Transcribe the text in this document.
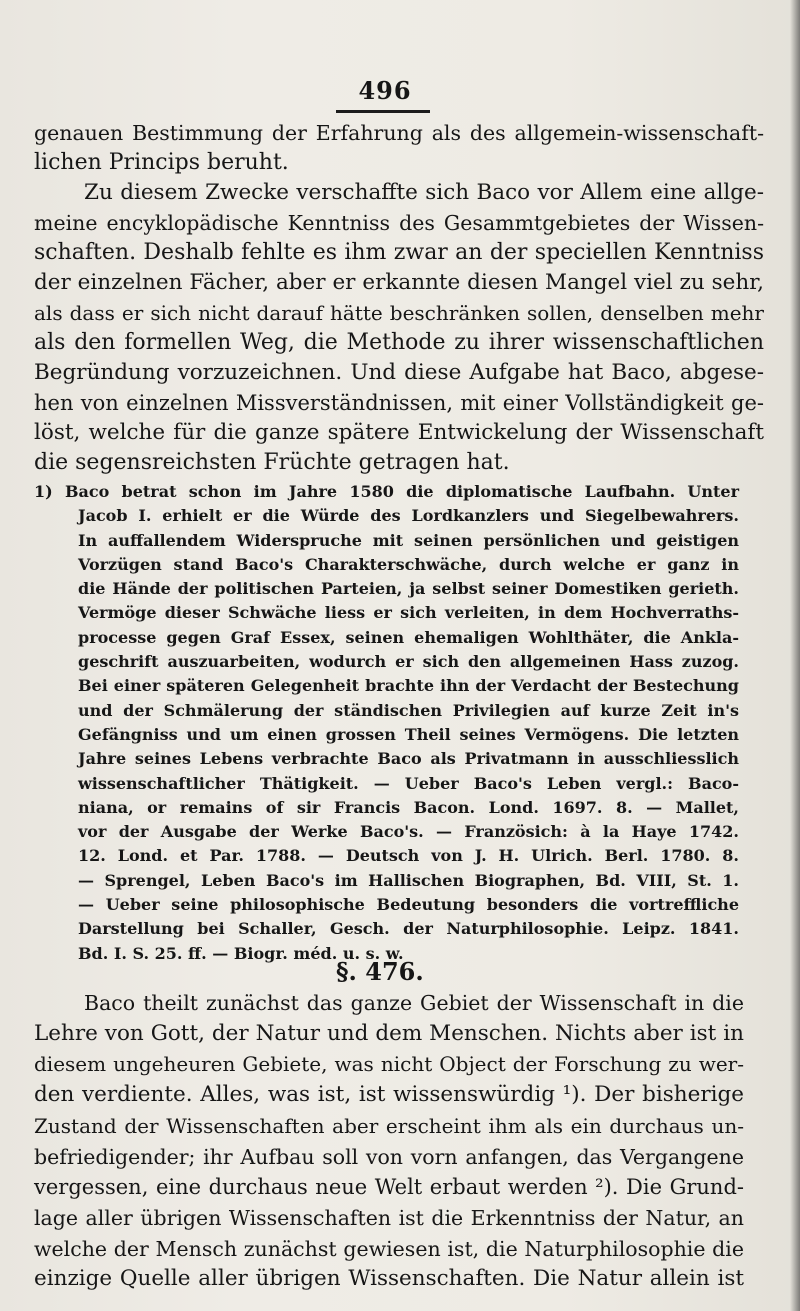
496
genauen Bestimmung der Erfahrung als des allgemein-wissenschaft-
lichen Princips beruht.
Zu diesem Zwecke verschaffte sich Baco vor Allem eine allge-
meine encyklopädische Kenntniss des Gesammtgebietes der Wissen-
schaften. Deshalb fehlte es ihm zwar an der speciellen Kenntniss
der einzelnen Fächer, aber er erkannte diesen Mangel viel zu sehr,
als dass er sich nicht darauf hätte beschränken sollen, denselben mehr
als den formellen Weg, die Methode zu ihrer wissenschaftlichen
Begründung vorzuzeichnen. Und diese Aufgabe hat Baco, abgese-
hen von einzelnen Missverständnissen, mit einer Vollständigkeit ge-
löst, welche für die ganze spätere Entwickelung der Wissenschaft
die segensreichsten Früchte getragen hat.
1) Baco betrat schon im Jahre 1580 die diplomatische Laufbahn. Unter
Jacob I. erhielt er die Würde des Lordkanzlers und Siegelbewahrers.
In auffallendem Widerspruche mit seinen persönlichen und geistigen
Vorzügen stand Baco's Charakterschwäche, durch welche er ganz in
die Hände der politischen Parteien, ja selbst seiner Domestiken gerieth.
Vermöge dieser Schwäche liess er sich verleiten, in dem Hochverraths-
processe gegen Graf Essex, seinen ehemaligen Wohlthäter, die Ankla-
geschrift auszuarbeiten, wodurch er sich den allgemeinen Hass zuzog.
Bei einer späteren Gelegenheit brachte ihn der Verdacht der Bestechung
und der Schmälerung der ständischen Privilegien auf kurze Zeit in's
Gefängniss und um einen grossen Theil seines Vermögens. Die letzten
Jahre seines Lebens verbrachte Baco als Privatmann in ausschliesslich
wissenschaftlicher Thätigkeit. — Ueber Baco's Leben vergl.: Baco-
niana, or remains of sir Francis Bacon. Lond. 1697. 8. — Mallet,
vor der Ausgabe der Werke Baco's. — Französich: à la Haye 1742.
12. Lond. et Par. 1788. — Deutsch von J. H. Ulrich. Berl. 1780. 8.
— Sprengel, Leben Baco's im Hallischen Biographen, Bd. VIII, St. 1.
— Ueber seine philosophische Bedeutung besonders die vortreffliche
Darstellung bei Schaller, Gesch. der Naturphilosophie. Leipz. 1841.
Bd. I. S. 25. ff. — Biogr. méd. u. s. w.
§. 476.
Baco theilt zunächst das ganze Gebiet der Wissenschaft in die
Lehre von Gott, der Natur und dem Menschen. Nichts aber ist in
diesem ungeheuren Gebiete, was nicht Object der Forschung zu wer-
den verdiente. Alles, was ist, ist wissenswürdig ¹). Der bisherige
Zustand der Wissenschaften aber erscheint ihm als ein durchaus un-
befriedigender; ihr Aufbau soll von vorn anfangen, das Vergangene
vergessen, eine durchaus neue Welt erbaut werden ²). Die Grund-
lage aller übrigen Wissenschaften ist die Erkenntniss der Natur, an
welche der Mensch zunächst gewiesen ist, die Naturphilosophie die
einzige Quelle aller übrigen Wissenschaften. Die Natur allein ist
